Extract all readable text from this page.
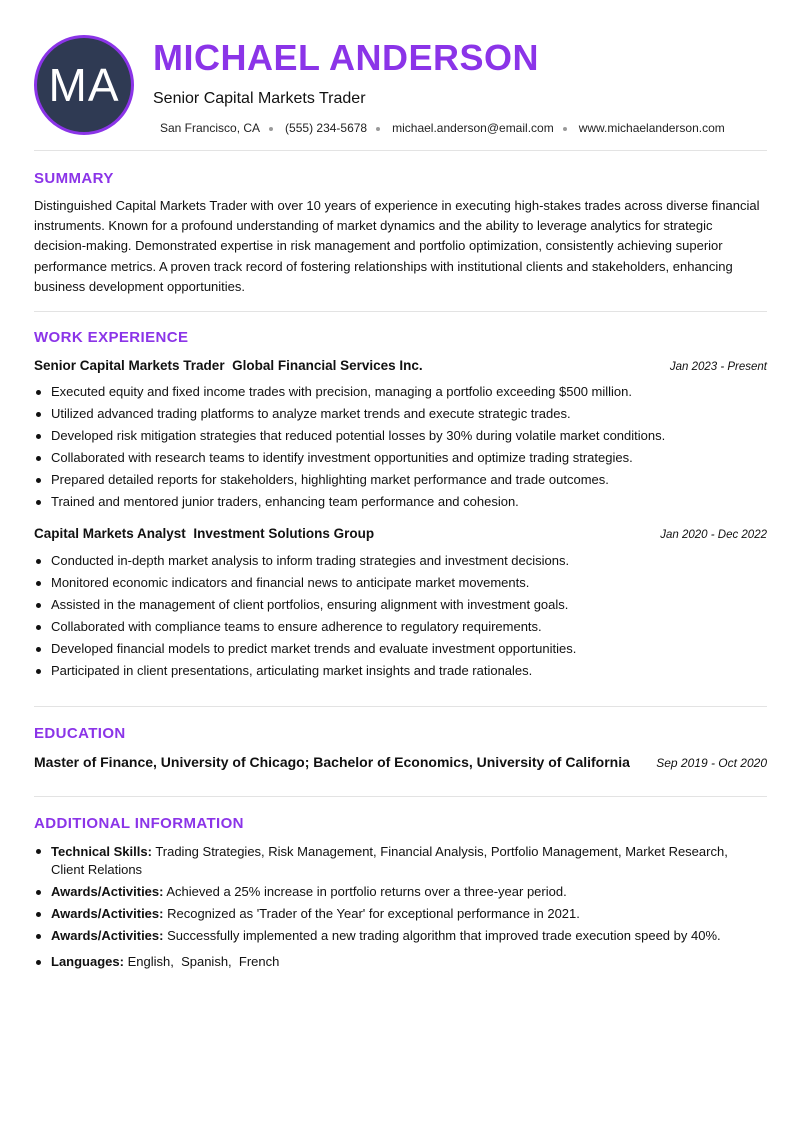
MA
MICHAEL ANDERSON
Senior Capital Markets Trader
San Francisco, CA (555) 234-5678 michael.anderson@email.com www.michaelanderson.com
SUMMARY
Distinguished Capital Markets Trader with over 10 years of experience in executing high-stakes trades across diverse financial instruments. Known for a profound understanding of market dynamics and the ability to leverage analytics for strategic decision-making. Demonstrated expertise in risk management and portfolio optimization, consistently achieving superior performance metrics. A proven track record of fostering relationships with institutional clients and stakeholders, enhancing business development opportunities.
WORK EXPERIENCE
Senior Capital Markets Trader Global Financial Services Inc.	Jan 2023 - Present
Executed equity and fixed income trades with precision, managing a portfolio exceeding $500 million.
Utilized advanced trading platforms to analyze market trends and execute strategic trades.
Developed risk mitigation strategies that reduced potential losses by 30% during volatile market conditions.
Collaborated with research teams to identify investment opportunities and optimize trading strategies.
Prepared detailed reports for stakeholders, highlighting market performance and trade outcomes.
Trained and mentored junior traders, enhancing team performance and cohesion.
Capital Markets Analyst Investment Solutions Group	Jan 2020 - Dec 2022
Conducted in-depth market analysis to inform trading strategies and investment decisions.
Monitored economic indicators and financial news to anticipate market movements.
Assisted in the management of client portfolios, ensuring alignment with investment goals.
Collaborated with compliance teams to ensure adherence to regulatory requirements.
Developed financial models to predict market trends and evaluate investment opportunities.
Participated in client presentations, articulating market insights and trade rationales.
EDUCATION
Master of Finance, University of Chicago; Bachelor of Economics, University of California Sep 2019 - Oct 2020
ADDITIONAL INFORMATION
Technical Skills: Trading Strategies, Risk Management, Financial Analysis, Portfolio Management, Market Research, Client Relations
Awards/Activities: Achieved a 25% increase in portfolio returns over a three-year period.
Awards/Activities: Recognized as 'Trader of the Year' for exceptional performance in 2021.
Awards/Activities: Successfully implemented a new trading algorithm that improved trade execution speed by 40%.
Languages: English,  Spanish,  French
